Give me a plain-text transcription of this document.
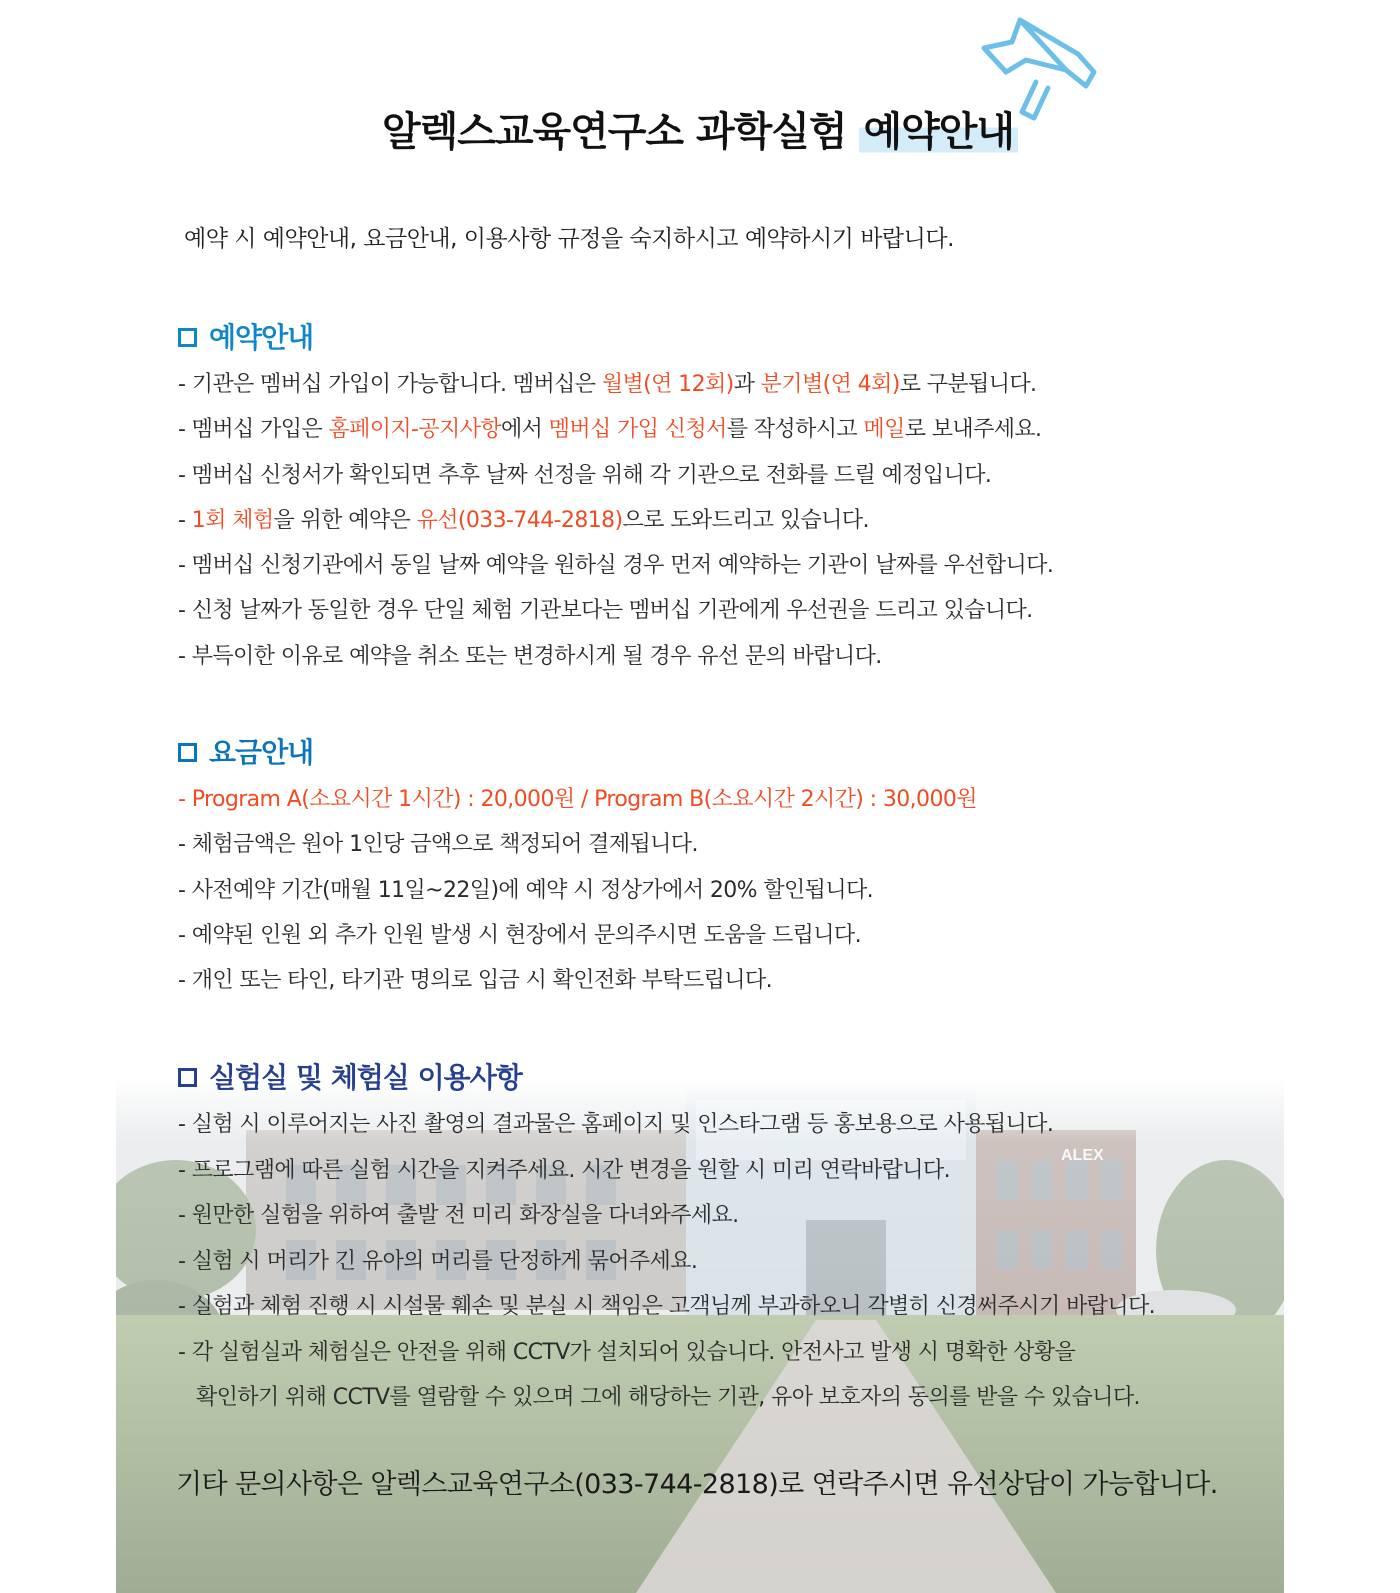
알렉스교육연구소 과학실험 예약안내

예약 시 예약안내, 요금안내, 이용사항 규정을 숙지하시고 예약하시기 바랍니다.

예약안내
- 기관은 멤버십 가입이 가능합니다. 멤버십은 월별(연 12회)과 분기별(연 4회)로 구분됩니다.
- 멤버십 가입은 홈페이지-공지사항에서 멤버십 가입 신청서를 작성하시고 메일로 보내주세요.
- 멤버십 신청서가 확인되면 추후 날짜 선정을 위해 각 기관으로 전화를 드릴 예정입니다.
- 1회 체험을 위한 예약은 유선(033-744-2818)으로 도와드리고 있습니다.
- 멤버십 신청기관에서 동일 날짜 예약을 원하실 경우 먼저 예약하는 기관이 날짜를 우선합니다.
- 신청 날짜가 동일한 경우 단일 체험 기관보다는 멤버십 기관에게 우선권을 드리고 있습니다.
- 부득이한 이유로 예약을 취소 또는 변경하시게 될 경우 유선 문의 바랍니다.
요금안내
- Program A(소요시간 1시간) : 20,000원 / Program B(소요시간 2시간) : 30,000원
- 체험금액은 원아 1인당 금액으로 책정되어 결제됩니다.
- 사전예약 기간(매월 11일~22일)에 예약 시 정상가에서 20% 할인됩니다.
- 예약된 인원 외 추가 인원 발생 시 현장에서 문의주시면 도움을 드립니다.
- 개인 또는 타인, 타기관 명의로 입금 시 확인전화 부탁드립니다.
실험실 및 체험실 이용사항
- 실험 시 이루어지는 사진 촬영의 결과물은 홈페이지 및 인스타그램 등 홍보용으로 사용됩니다.
- 프로그램에 따른 실험 시간을 지켜주세요. 시간 변경을 원할 시 미리 연락바랍니다.
- 원만한 실험을 위하여 출발 전 미리 화장실을 다녀와주세요.
- 실험 시 머리가 긴 유아의 머리를 단정하게 묶어주세요.
- 실험과 체험 진행 시 시설물 훼손 및 분실 시 책임은 고객님께 부과하오니 각별히 신경써주시기 바랍니다.
- 각 실험실과 체험실은 안전을 위해 CCTV가 설치되어 있습니다. 안전사고 발생 시 명확한 상황을
확인하기 위해 CCTV를 열람할 수 있으며 그에 해당하는 기관, 유아 보호자의 동의를 받을 수 있습니다.

기타 문의사항은 알렉스교육연구소(033-744-2818)로 연락주시면 유선상담이 가능합니다.
